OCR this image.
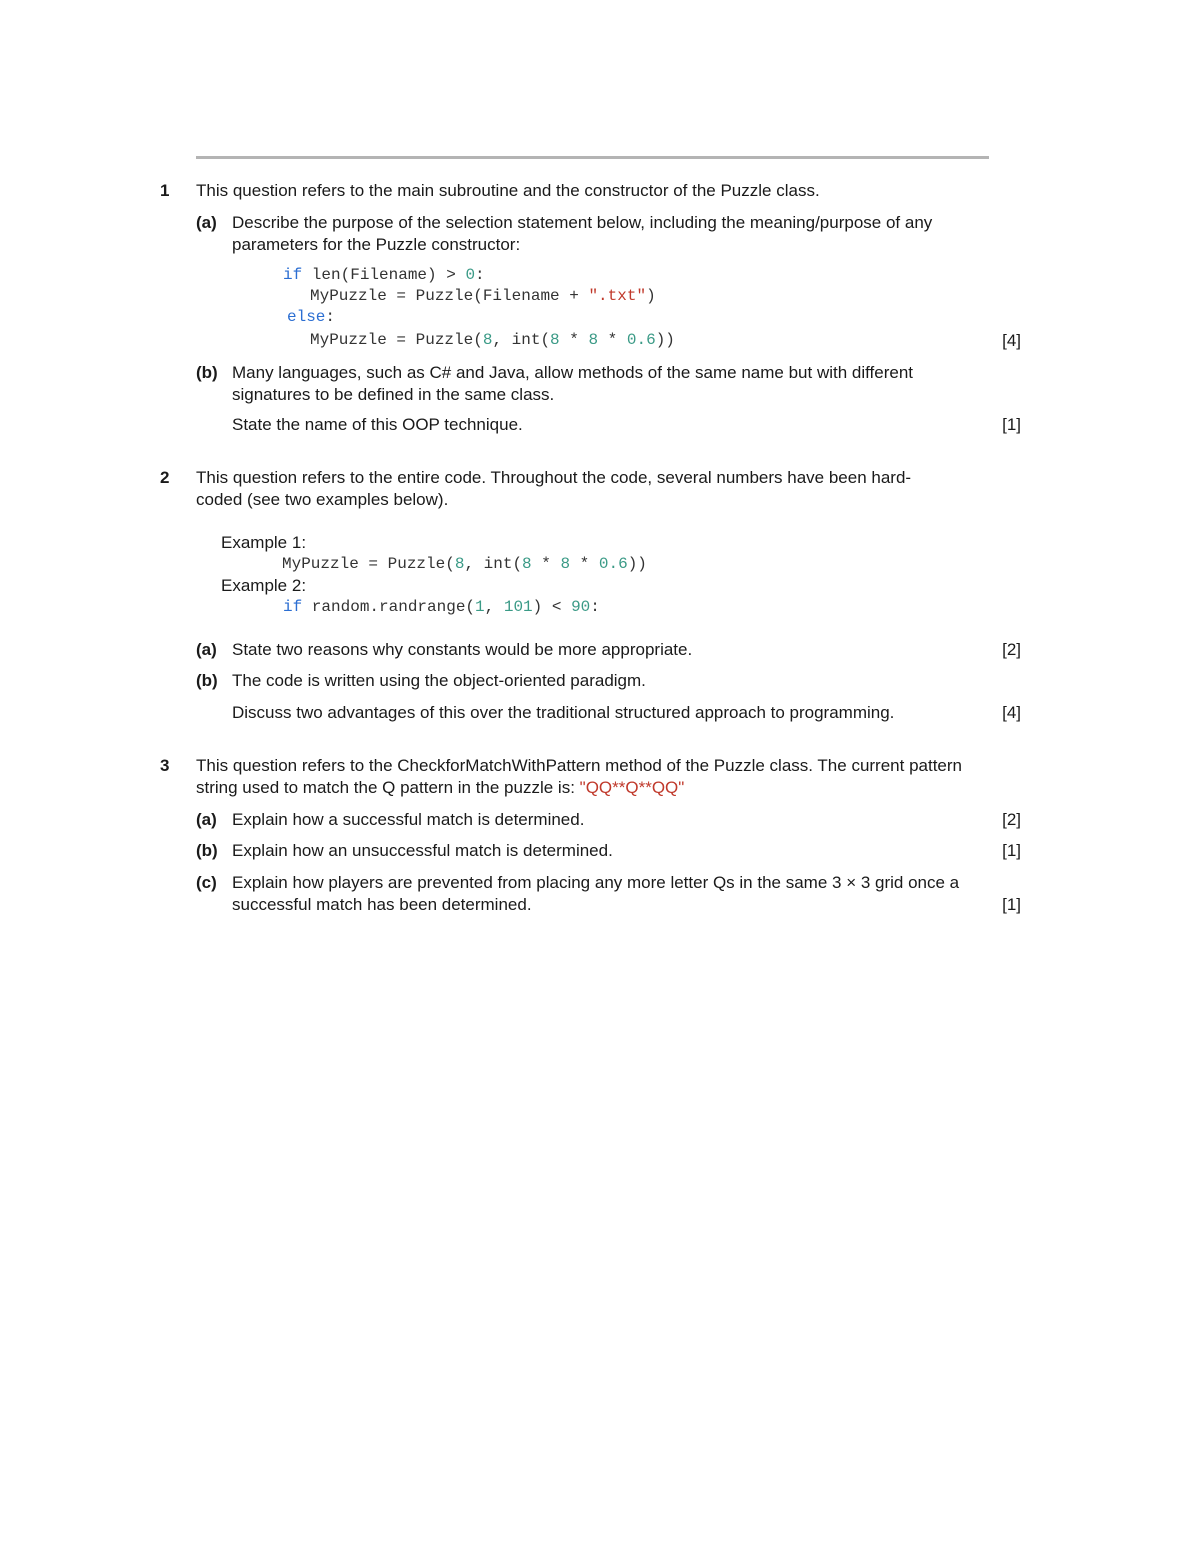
1 This question refers to the main subroutine and the constructor of the Puzzle class.
(a) Describe the purpose of the selection statement below, including the meaning/purpose of any parameters for the Puzzle constructor:
if len(Filename) > 0:
MyPuzzle = Puzzle(Filename + ".txt")
else:
MyPuzzle = Puzzle(8, int(8 * 8 * 0.6))	[4]
(b) Many languages, such as C# and Java, allow methods of the same name but with different signatures to be defined in the same class.
State the name of this OOP technique.	[1]
2 This question refers to the entire code. Throughout the code, several numbers have been hard-coded (see two examples below).
Example 1:
MyPuzzle = Puzzle(8, int(8 * 8 * 0.6))
Example 2:
if random.randrange(1, 101) < 90:
(a) State two reasons why constants would be more appropriate.	[2]
(b) The code is written using the object-oriented paradigm.
Discuss two advantages of this over the traditional structured approach to programming.	[4]
3 This question refers to the CheckforMatchWithPattern method of the Puzzle class. The current pattern string used to match the Q pattern in the puzzle is: "QQ**Q**QQ"
(a) Explain how a successful match is determined.	[2]
(b) Explain how an unsuccessful match is determined.	[1]
(c) Explain how players are prevented from placing any more letter Qs in the same 3 × 3 grid once a successful match has been determined.	[1]
